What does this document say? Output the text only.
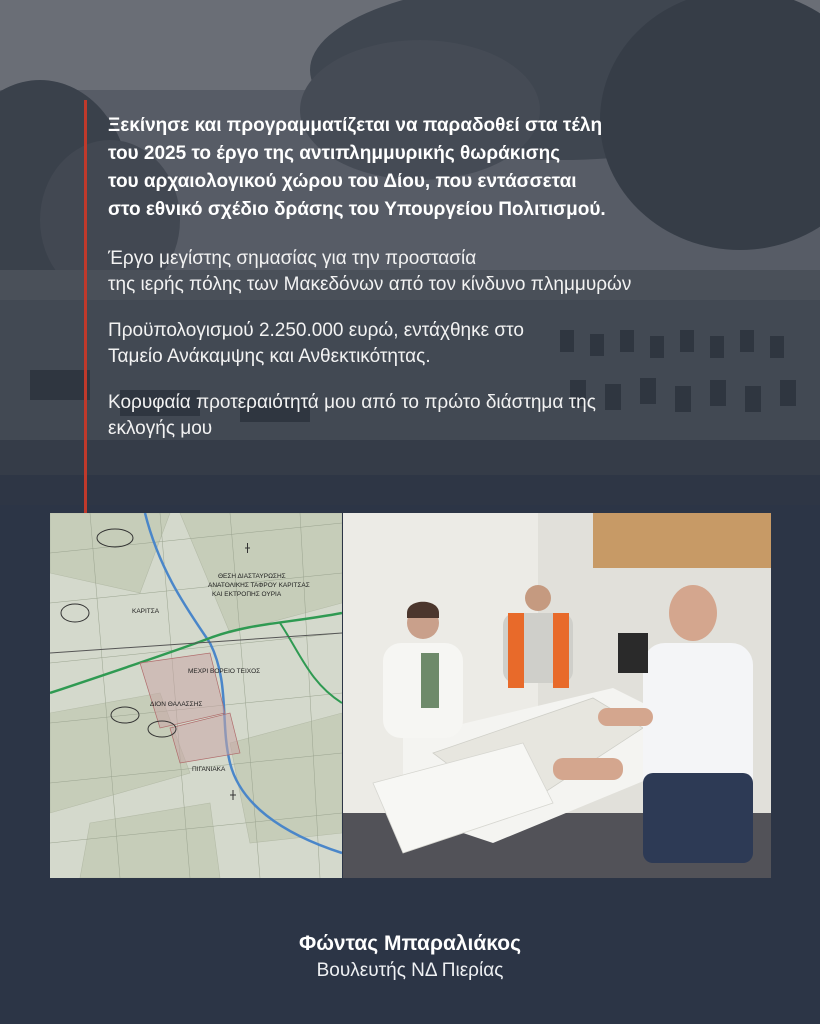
Ξεκίνησε και προγραμματίζεται να παραδοθεί στα τέλη
του 2025 το έργο της αντιπλημμυρικής θωράκισης
του αρχαιολογικού χώρου του Δίου, που εντάσσεται
στο εθνικό σχέδιο δράσης του Υπουργείου Πολιτισμού.
Έργο μεγίστης σημασίας για την προστασία
της ιερής πόλης των Μακεδόνων από τον κίνδυνο πλημμυρών
Προϋπολογισμού 2.250.000 ευρώ, εντάχθηκε στο
Ταμείο Ανάκαμψης και Ανθεκτικότητας.
Κορυφαία προτεραιότητά μου από το πρώτο διάστημα της
εκλογής μου
ΚΑΡΙΤΣΑ
ΘΕΣΗ ΔΙΑΣΤΑΥΡΩΣΗΣ
ΑΝΑΤΟΛΙΚΗΣ ΤΑΦΡΟΥ ΚΑΡΙΤΣΑΣ
ΚΑΙ ΕΚΤΡΟΠΗΣ ΟΥΡΙΑ
ΜΕΧΡΙ ΒΟΡΕΙΟ ΤΕΙΧΟΣ
ΔΙΟΝ ΘΑΛΑΣΣΗΣ
ΠΙΓΑΝΙΑΚΑ
Φώντας Μπαραλιάκος
Βουλευτής ΝΔ Πιερίας
